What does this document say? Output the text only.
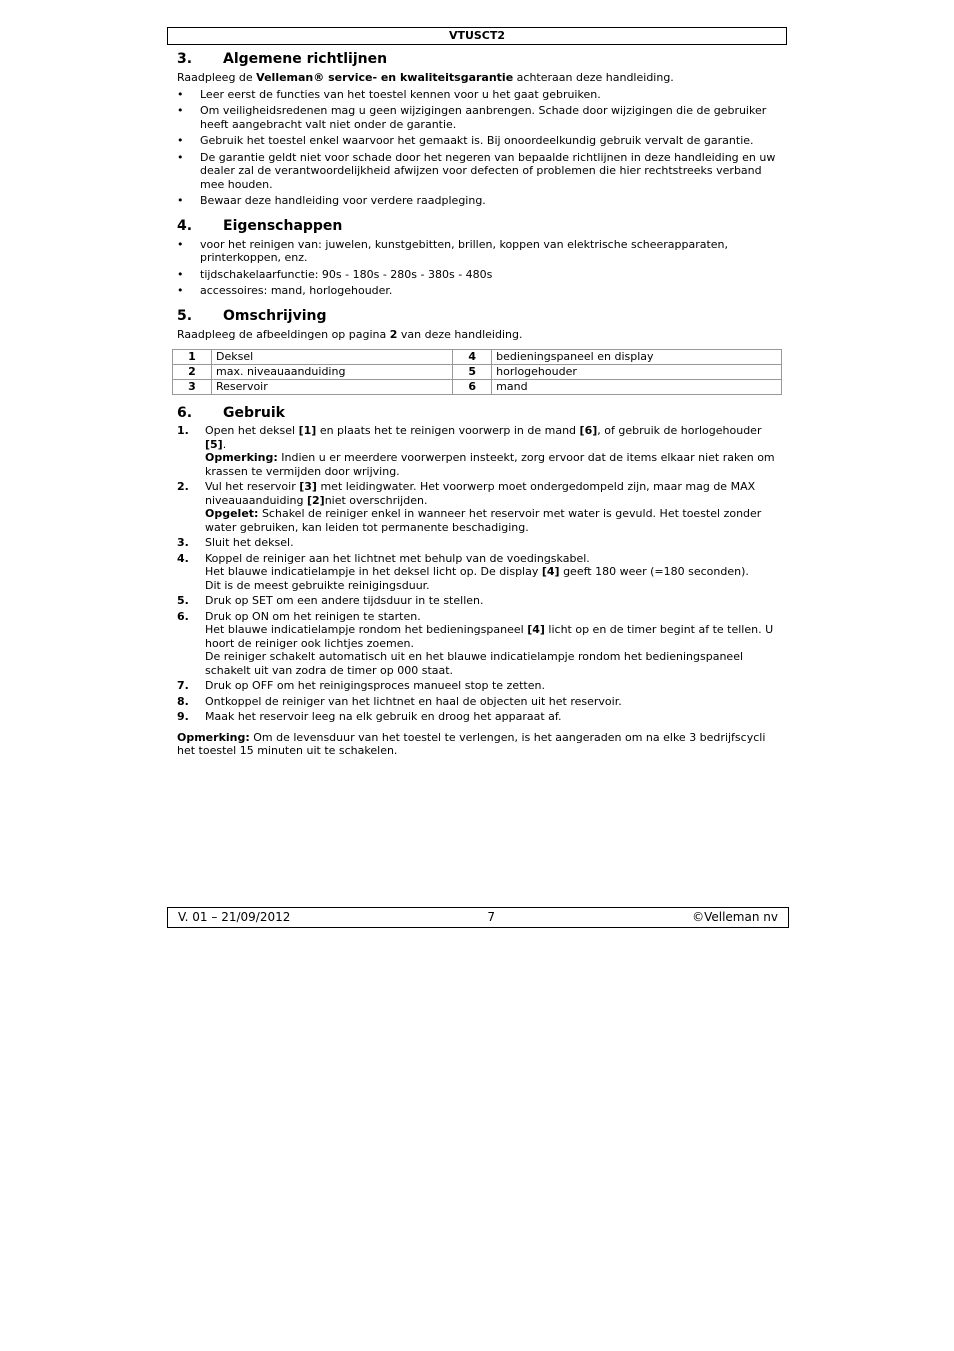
VTUSCT2
3.	Algemene richtlijnen

Raadpleeg de Velleman® service- en kwaliteitsgarantie achteraan deze handleiding.

• Leer eerst de functies van het toestel kennen voor u het gaat gebruiken.
• Om veiligheidsredenen mag u geen wijzigingen aanbrengen. Schade door wijzigingen die de gebruiker heeft aangebracht valt niet onder de garantie.
• Gebruik het toestel enkel waarvoor het gemaakt is. Bij onoordeelkundig gebruik vervalt de garantie.
• De garantie geldt niet voor schade door het negeren van bepaalde richtlijnen in deze handleiding en uw dealer zal de verantwoordelijkheid afwijzen voor defecten of problemen die hier rechtstreeks verband mee houden.
• Bewaar deze handleiding voor verdere raadpleging.
4.	Eigenschappen
• voor het reinigen van: juwelen, kunstgebitten, brillen, koppen van elektrische scheerapparaten, printerkoppen, enz.
• tijdschakelaarfunctie: 90s - 180s - 280s - 380s - 480s
• accessoires: mand, horlogehouder.
5.	Omschrijving

Raadpleeg de afbeeldingen op pagina 2 van deze handleiding.

1	Deksel	4	bedieningspaneel en display
2	max. niveauaanduiding	5	horlogehouder
3	Reservoir	6	mand
6.	Gebruik
1. Open het deksel [1] en plaats het te reinigen voorwerp in de mand [6], of gebruik de horlogehouder [5].
Opmerking: Indien u er meerdere voorwerpen insteekt, zorg ervoor dat de items elkaar niet raken om krassen te vermijden door wrijving.
2. Vul het reservoir [3] met leidingwater. Het voorwerp moet ondergedompeld zijn, maar mag de MAX niveauaanduiding [2]niet overschrijden.
Opgelet: Schakel de reiniger enkel in wanneer het reservoir met water is gevuld. Het toestel zonder water gebruiken, kan leiden tot permanente beschadiging.
3. Sluit het deksel.
4. Koppel de reiniger aan het lichtnet met behulp van de voedingskabel.
Het blauwe indicatielampje in het deksel licht op. De display [4] geeft 180 weer (=180 seconden).
Dit is de meest gebruikte reinigingsduur.
5. Druk op SET om een andere tijdsduur in te stellen.
6. Druk op ON om het reinigen te starten.
Het blauwe indicatielampje rondom het bedieningspaneel [4] licht op en de timer begint af te tellen. U hoort de reiniger ook lichtjes zoemen.
De reiniger schakelt automatisch uit en het blauwe indicatielampje rondom het bedieningspaneel schakelt uit van zodra de timer op 000 staat.
7. Druk op OFF om het reinigingsproces manueel stop te zetten.
8. Ontkoppel de reiniger van het lichtnet en haal de objecten uit het reservoir.
9. Maak het reservoir leeg na elk gebruik en droog het apparaat af.

Opmerking: Om de levensduur van het toestel te verlengen, is het aangeraden om na elke 3 bedrijfscycli het toestel 15 minuten uit te schakelen.

V. 01 – 21/09/2012	7	©Velleman nv
